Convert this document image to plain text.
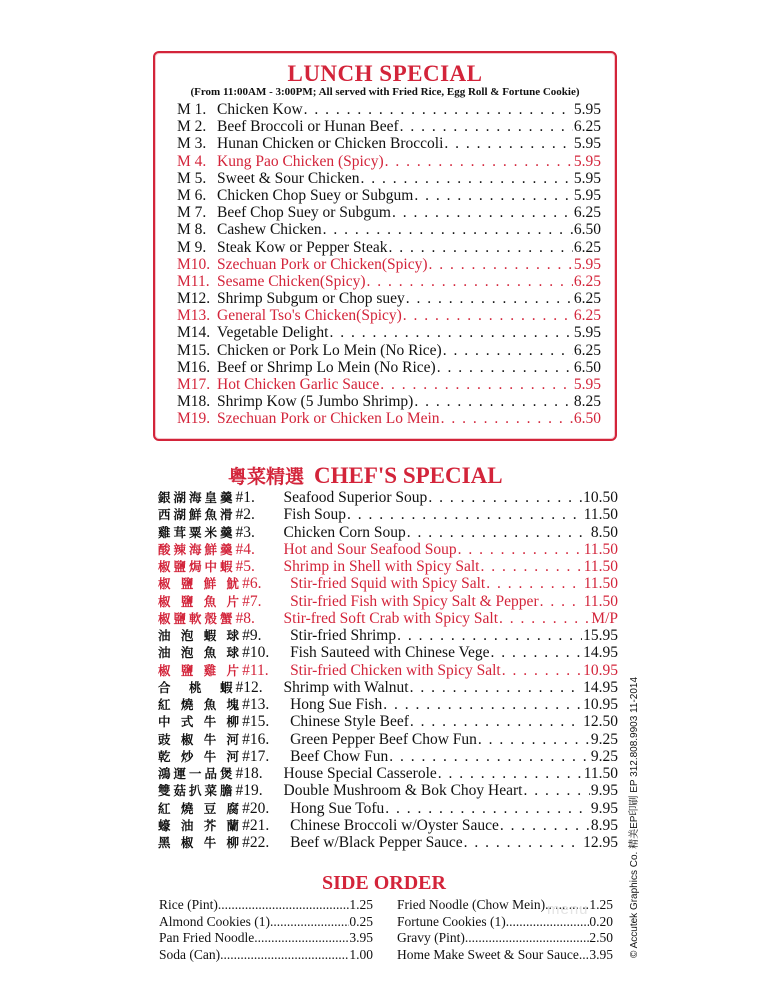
LUNCH SPECIAL
(From 11:00AM - 3:00PM; All served with Fried Rice, Egg Roll & Fortune Cookie)
M 1. Chicken Kow . . .	5.95
M 2. Beef Broccoli or Hunan Beef . . .	6.25
M 3. Hunan Chicken or Chicken Broccoli . . .	5.95
M 4. Kung Pao Chicken (Spicy) . . .	5.95
M 5. Sweet & Sour Chicken . . .	5.95
M 6. Chicken Chop Suey or Subgum . . .	5.95
M 7. Beef Chop Suey or Subgum . . .	6.25
M 8. Cashew Chicken . . .	6.50
M 9. Steak Kow or Pepper Steak . . .	6.25
M10. Szechuan Pork or Chicken(Spicy) . . .	5.95
M11. Sesame Chicken(Spicy) . . .	6.25
M12. Shrimp Subgum or Chop suey . . .	6.25
M13. General Tso's Chicken(Spicy) . . .	6.25
M14. Vegetable Delight . . .	5.95
M15. Chicken or Pork Lo Mein (No Rice) . . .	6.25
M16. Beef or Shrimp Lo Mein (No Rice) . . .	6.50
M17. Hot Chicken Garlic Sauce . . .	5.95
M18. Shrimp Kow (5 Jumbo Shrimp) . . .	8.25
M19. Szechuan Pork or Chicken Lo Mein . . .	6.50
粵菜精選 CHEF'S SPECIAL
銀湖海皇羹 #1.	Seafood Superior Soup . . .	10.50
西湖鮮魚滑 #2.	Fish Soup . . .	11.50
雞茸粟米羹 #3.	Chicken Corn Soup . . .	8.50
酸辣海鮮羹 #4.	Hot and Sour Seafood Soup . . .	11.50
椒鹽焗中蝦 #5.	Shrimp in Shell with Spicy Salt . . .	11.50
椒 鹽 鮮 魷 #6.	Stir-fried Squid with Spicy Salt . . .	11.50
椒 鹽 魚 片 #7.	Stir-fried Fish with Spicy Salt & Pepper . . .	11.50
椒鹽軟殼蟹 #8.	Stir-fred Soft Crab with Spicy Salt . . .	M/P
油 泡 蝦 球 #9.	Stir-fried Shrimp . . .	15.95
油 泡 魚 球 #10.	Fish Sauteed with Chinese Vege . . .	14.95
椒 鹽 雞 片 #11.	Stir-fried Chicken with Spicy Salt . . .	10.95
合　桃　蝦 #12.	Shrimp with Walnut . . .	14.95
紅 燒 魚 塊 #13.	Hong Sue Fish . . .	10.95
中 式 牛 柳 #15.	Chinese Style Beef . . .	12.50
豉 椒 牛 河 #16.	Green Pepper Beef Chow Fun . . .	9.25
乾 炒 牛 河 #17.	Beef Chow Fun . . .	9.25
鴻運一品煲 #18.	House Special Casserole . . .	11.50
雙菇扒菜膽 #19.	Double Mushroom & Bok Choy Heart . . .	9.95
紅 燒 豆 腐 #20.	Hong Sue Tofu . . .	9.95
蠔 油 芥 蘭 #21.	Chinese Broccoli w/Oyster Sauce . . .	8.95
黑 椒 牛 柳 #22.	Beef w/Black Pepper Sauce . . .	12.95
SIDE ORDER
Rice (Pint) .....	1.25
Almond Cookies (1) .....	0.25
Pan Fried Noodle .....	3.95
Soda (Can) .....	1.00
Fried Noodle (Chow Mein) .....	1.25
Fortune Cookies (1) .....	0.20
Gravy (Pint) .....	2.50
Home Make Sweet & Sour Sauce ..... 3.95
menu	© Accutek Graphics Co. 精美EP印刷 EP 312.808.9903 11-2014
